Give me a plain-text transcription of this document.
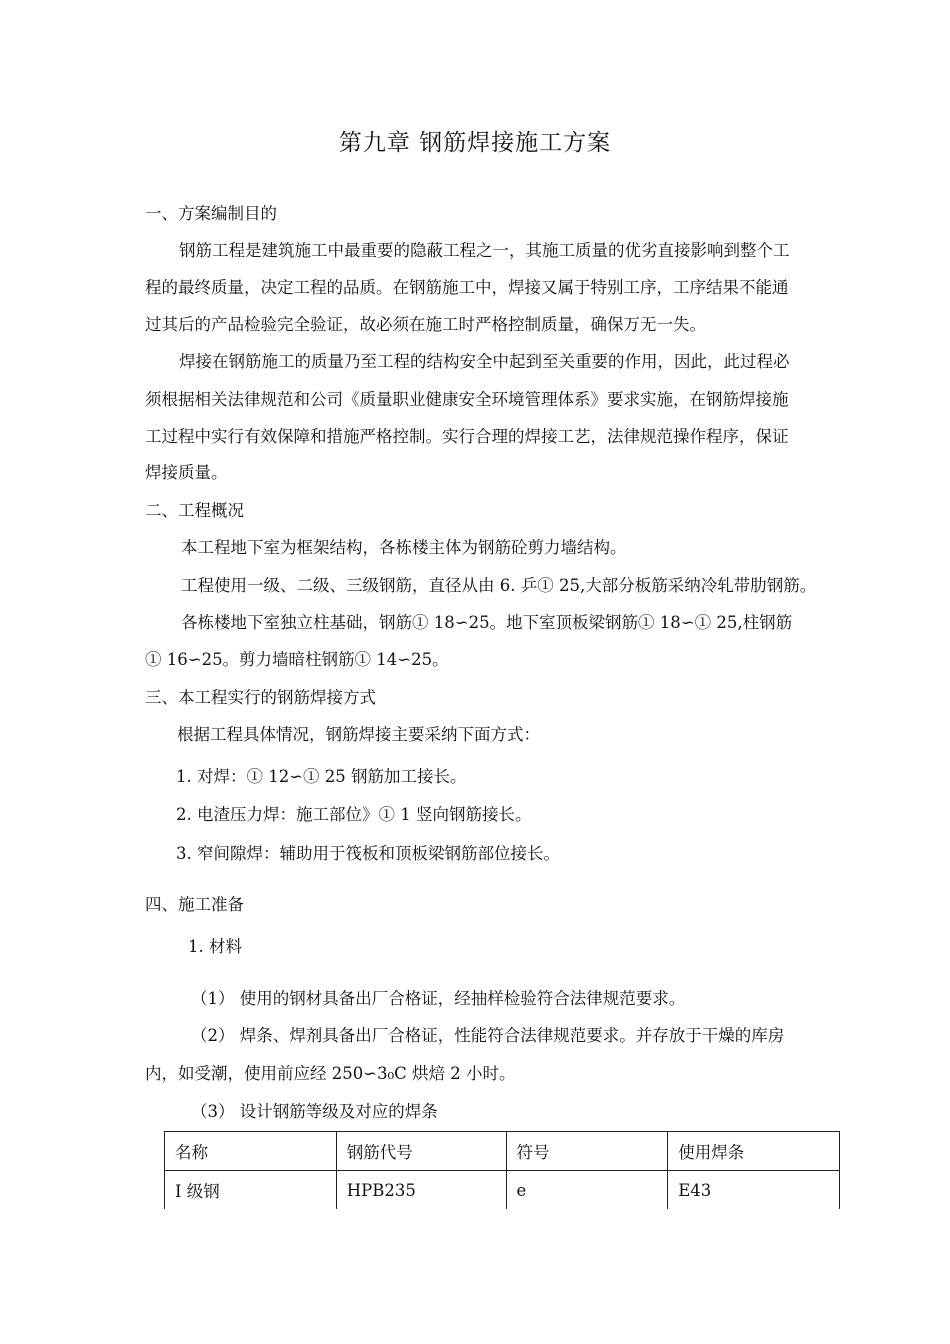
第九章 钢筋焊接施工方案
一、方案编制目的
钢筋工程是建筑施工中最重要的隐蔽工程之一，其施工质量的优劣直接影响到整个工
程的最终质量，决定工程的品质。在钢筋施工中，焊接又属于特别工序，工序结果不能通
过其后的产品检验完全验证，故必须在施工时严格控制质量，确保万无一失。
焊接在钢筋施工的质量乃至工程的结构安全中起到至关重要的作用，因此，此过程必
须根据相关法律规范和公司《质量职业健康安全环境管理体系》要求实施，在钢筋焊接施
工过程中实行有效保障和措施严格控制。实行合理的焊接工艺，法律规范操作程序，保证
焊接质量。
二、工程概况
本工程地下室为框架结构，各栋楼主体为钢筋砼剪力墙结构。
工程使用一级、二级、三级钢筋，直径从由 6. 乒① 25,大部分板筋采纳冷轧带肋钢筋。
各栋楼地下室独立柱基础，钢筋① 18∽25。地下室顶板梁钢筋① 18∽① 25,柱钢筋
① 16∽25。剪力墙暗柱钢筋① 14∽25。
三、本工程实行的钢筋焊接方式
根据工程具体情况，钢筋焊接主要采纳下面方式：
1. 对焊：① 12∽① 25 钢筋加工接长。
2. 电渣压力焊：施工部位》① 1 竖向钢筋接长。
3. 窄间隙焊：辅助用于筏板和顶板梁钢筋部位接长。
四、施工准备
1. 材料
（1） 使用的钢材具备出厂合格证，经抽样检验符合法律规范要求。
（2） 焊条、焊剂具备出厂合格证，性能符合法律规范要求。并存放于干燥的库房
内，如受潮，使用前应经 250∽3₀C 烘焙 2 小时。
（3） 设计钢筋等级及对应的焊条
名称	钢筋代号	符号	使用焊条
I 级钢	HPB235	e	E43
